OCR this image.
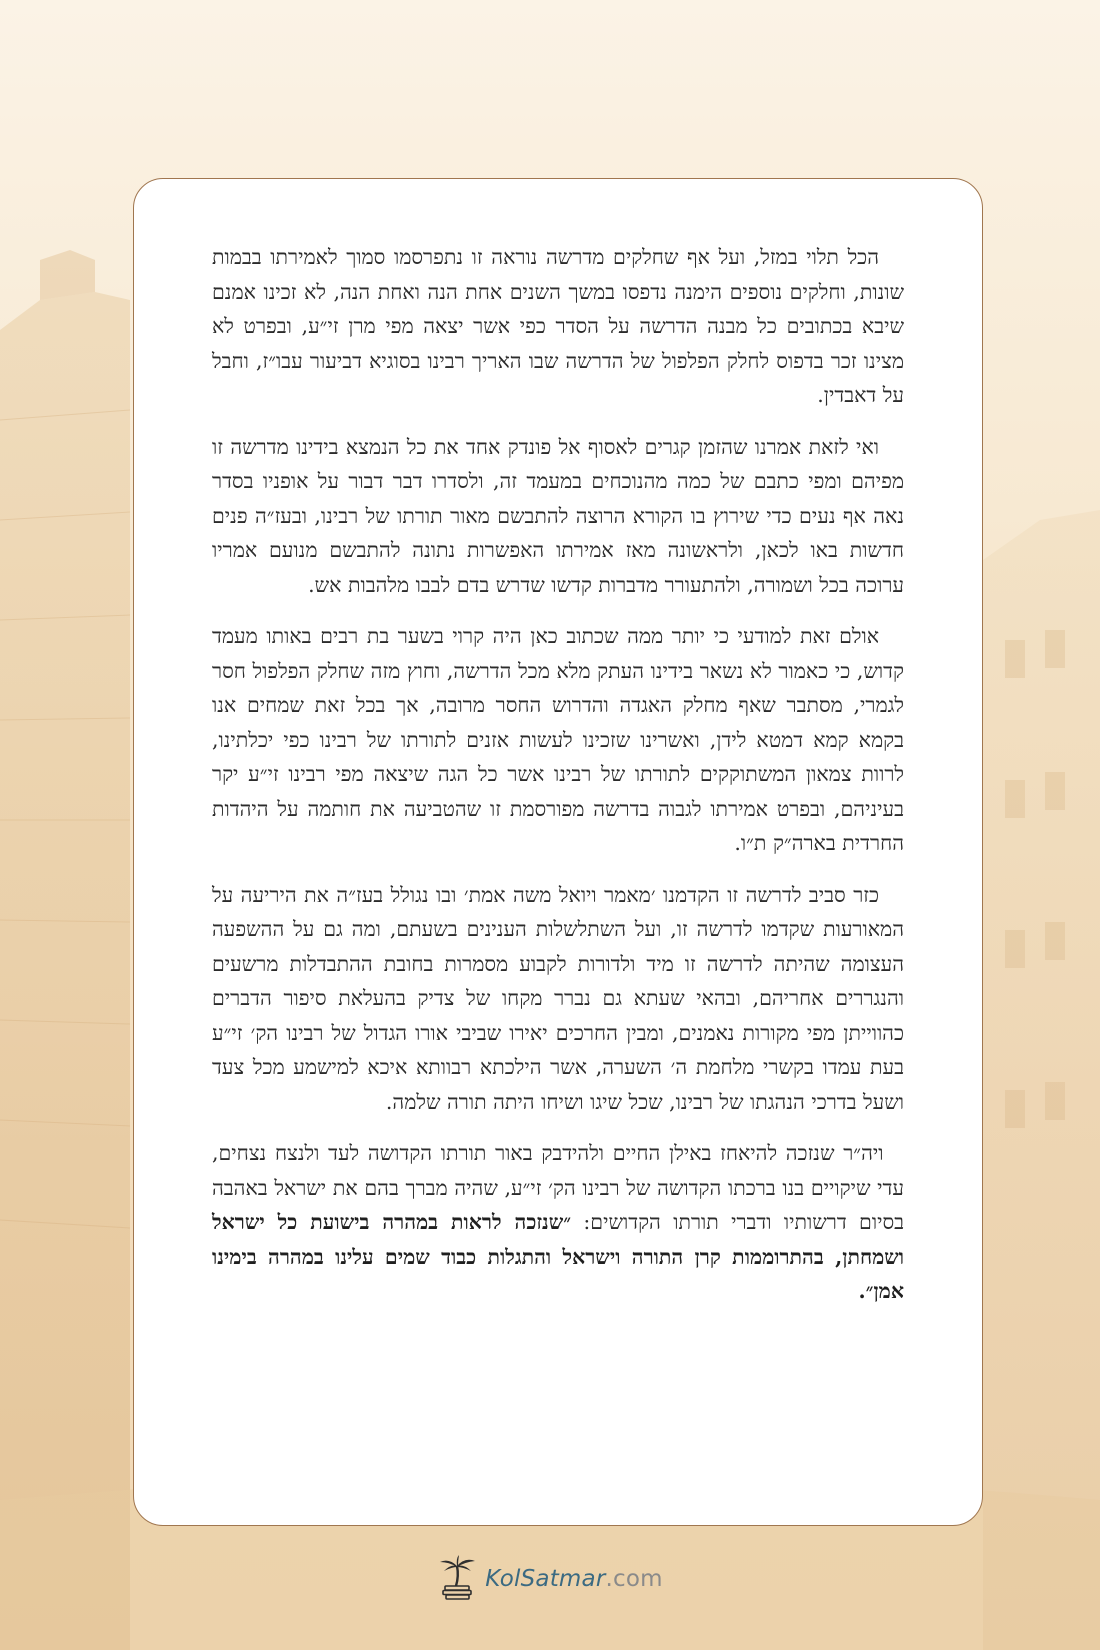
הכל תלוי במזל, ועל אף שחלקים מדרשה נוראה זו נתפרסמו סמוך לאמירתו בבמות שונות, וחלקים נוספים הימנה נדפסו במשך השנים אחת הנה ואחת הנה, לא זכינו אמנם שיבא בכתובים כל מבנה הדרשה על הסדר כפי אשר יצאה מפי מרן זי״ע, ובפרט לא מצינו זכר בדפוס לחלק הפלפול של הדרשה שבו האריך רבינו בסוגיא דביעור עבו״ז, וחבל על דאבדין.

ואי לזאת אמרנו שהזמן קגרים לאסוף אל פונדק אחד את כל הנמצא בידינו מדרשה זו מפיהם ומפי כתבם של כמה מהנוכחים במעמד זה, ולסדרו דבר דבור על אופניו בסדר נאה אף נעים כדי שירוץ בו הקורא הרוצה להתבשם מאור תורתו של רבינו, ובעז״ה פנים חדשות באו לכאן, ולראשונה מאז אמירתו האפשרות נתונה להתבשם מנועם אמריו ערוכה בכל ושמורה, ולהתעורר מדברות קדשו שדרש בדם לבבו מלהבות אש.

אולם זאת למודעי כי יותר ממה שכתוב כאן היה קרוי בשער בת רבים באותו מעמד קדוש, כי כאמור לא נשאר בידינו העתק מלא מכל הדרשה, וחוץ מזה שחלק הפלפול חסר לגמרי, מסתבר שאף מחלק האגדה והדרוש החסר מרובה, אך בכל זאת שמחים אנו בקמא קמא דמטא לידן, ואשרינו שזכינו לעשות אזנים לתורתו של רבינו כפי יכלתינו, לרוות צמאון המשתוקקים לתורתו של רבינו אשר כל הגה שיצאה מפי רבינו זי״ע יקר בעיניהם, ובפרט אמירתו לגבוה בדרשה מפורסמת זו שהטביעה את חותמה על היהדות החרדית בארה״ק ת״ו.

כזר סביב לדרשה זו הקדמנו ׳מאמר ויואל משה אמת׳ ובו נגולל בעז״ה את היריעה על המאורעות שקדמו לדרשה זו, ועל השתלשלות הענינים בשעתם, ומה גם על ההשפעה העצומה שהיתה לדרשה זו מיד ולדורות לקבוע מסמרות בחובת ההתבדלות מרשעים והנגררים אחריהם, ובהאי שעתא גם נברר מקחו של צדיק בהעלאת סיפור הדברים כהווייתן מפי מקורות נאמנים, ומבין החרכים יאירו שביבי אורו הגדול של רבינו הק׳ זי״ע בעת עמדו בקשרי מלחמת ה׳ השערה, אשר הילכתא רבוותא איכא למישמע מכל צעד ושעל בדרכי הנהגתו של רבינו, שכל שיגו ושיחו היתה תורה שלמה.

 ויה״ר שנזכה להיאחז באילן החיים ולהידבק באור תורתו הקדושה לעד ולנצח נצחים, עדי שיקויים בנו ברכתו הקדושה של רבינו הק׳ זי״ע, שהיה מברך בהם את ישראל באהבה בסיום דרשותיו ודברי תורתו הקדושים: ״שנזכה לראות במהרה בישועת כל ישראל ושמחתן, בהתרוממות קרן התורה וישראל והתגלות כבוד שמים עלינו במהרה בימינו אמן״.

KolSatmar.com
